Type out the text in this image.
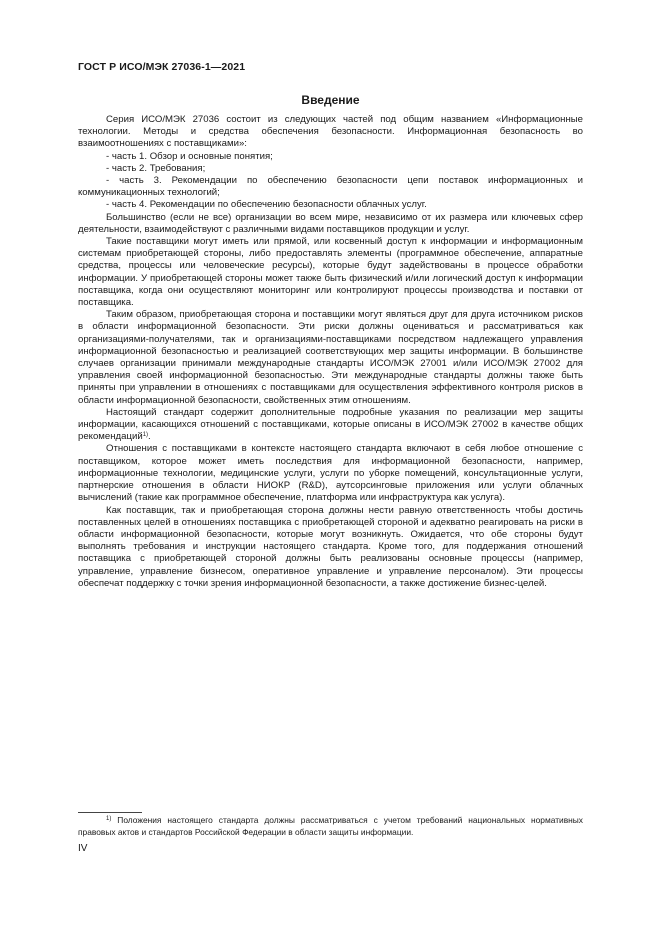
ГОСТ Р ИСО/МЭК 27036-1—2021
Введение

Серия ИСО/МЭК 27036 состоит из следующих частей под общим названием «Информационные технологии. Методы и средства обеспечения безопасности. Информационная безопасность во взаимоотношениях с поставщиками»:

- часть 1. Обзор и основные понятия;

- часть 2. Требования;

- часть 3. Рекомендации по обеспечению безопасности цепи поставок информационных и коммуникационных технологий;

- часть 4. Рекомендации по обеспечению безопасности облачных услуг.

Большинство (если не все) организации во всем мире, независимо от их размера или ключевых сфер деятельности, взаимодействуют с различными видами поставщиков продукции и услуг.

Такие поставщики могут иметь или прямой, или косвенный доступ к информации и информационным системам приобретающей стороны, либо предоставлять элементы (программное обеспечение, аппаратные средства, процессы или человеческие ресурсы), которые будут задействованы в процессе обработки информации. У приобретающей стороны может также быть физический и/или логический доступ к информации поставщика, когда они осуществляют мониторинг или контролируют процессы производства и поставки от поставщика.

Таким образом, приобретающая сторона и поставщики могут являться друг для друга источником рисков в области информационной безопасности. Эти риски должны оцениваться и рассматриваться как организациями-получателями, так и организациями-поставщиками посредством надлежащего управления информационной безопасностью и реализацией соответствующих мер защиты информации. В большинстве случаев организации принимали международные стандарты ИСО/МЭК 27001 и/или ИСО/МЭК 27002 для управления своей информационной безопасностью. Эти международные стандарты должны также быть приняты при управлении в отношениях с поставщиками для осуществления эффективного контроля рисков в области информационной безопасности, свойственных этим отношениям.

Настоящий стандарт содержит дополнительные подробные указания по реализации мер защиты информации, касающихся отношений с поставщиками, которые описаны в ИСО/МЭК 27002 в качестве общих рекомендаций$^{1)}$.

Отношения с поставщиками в контексте настоящего стандарта включают в себя любое отношение с поставщиком, которое может иметь последствия для информационной безопасности, например, информационные технологии, медицинские услуги, услуги по уборке помещений, консультационные услуги, партнерские отношения в области НИОКР (R&D), аутсорсинговые приложения или услуги облачных вычислений (такие как программное обеспечение, платформа или инфраструктура как услуга).

Как поставщик, так и приобретающая сторона должны нести равную ответственность чтобы достичь поставленных целей в отношениях поставщика с приобретающей стороной и адекватно реагировать на риски в области информационной безопасности, которые могут возникнуть. Ожидается, что обе стороны будут выполнять требования и инструкции настоящего стандарта. Кроме того, для поддержания отношений поставщика с приобретающей стороной должны быть реализованы основные процессы (например, управление, управление бизнесом, оперативное управление и управление персоналом). Эти процессы обеспечат поддержку с точки зрения информационной безопасности, а также достижение бизнес-целей.

$^{1)}$ Положения настоящего стандарта должны рассматриваться с учетом требований национальных нормативных правовых актов и стандартов Российской Федерации в области защиты информации.
IV
